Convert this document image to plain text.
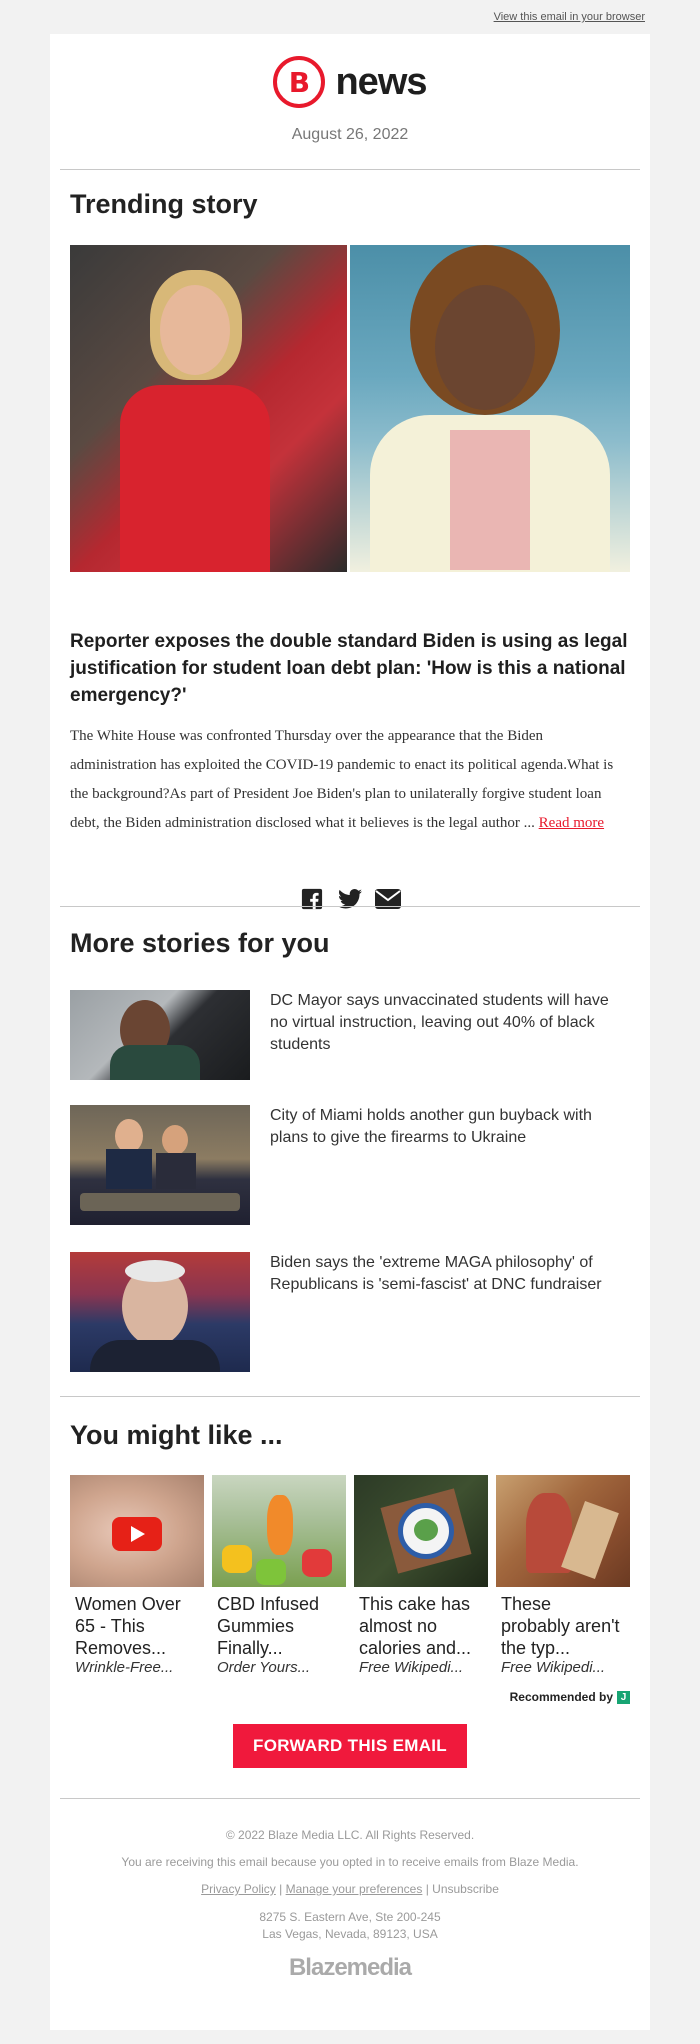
View this email in your browser
B news
August 26, 2022
Trending story
Reporter exposes the double standard Biden is using as legal justification for student loan debt plan: 'How is this a national emergency?'
The White House was confronted Thursday over the appearance that the Biden administration has exploited the COVID-19 pandemic to enact its political agenda.What is the background?As part of President Joe Biden's plan to unilaterally forgive student loan debt, the Biden administration disclosed what it believes is the legal author ... Read more
More stories for you
DC Mayor says unvaccinated students will have no virtual instruction, leaving out 40% of black students
City of Miami holds another gun buyback with plans to give the firearms to Ukraine
Biden says the 'extreme MAGA philosophy' of Republicans is 'semi-fascist' at DNC fundraiser
You might like ...
Women Over 65 - This Removes...
Wrinkle-Free...
CBD Infused Gummies Finally...
Order Yours...
This cake has almost no calories and...
Free Wikipedi...
These probably aren't the typ...
Free Wikipedi...
Recommended by J
FORWARD THIS EMAIL
© 2022 Blaze Media LLC. All Rights Reserved.
You are receiving this email because you opted in to receive emails from Blaze Media.
Privacy Policy | Manage your preferences | Unsubscribe
8275 S. Eastern Ave, Ste 200-245
Las Vegas, Nevada, 89123, USA
Blazemedia
